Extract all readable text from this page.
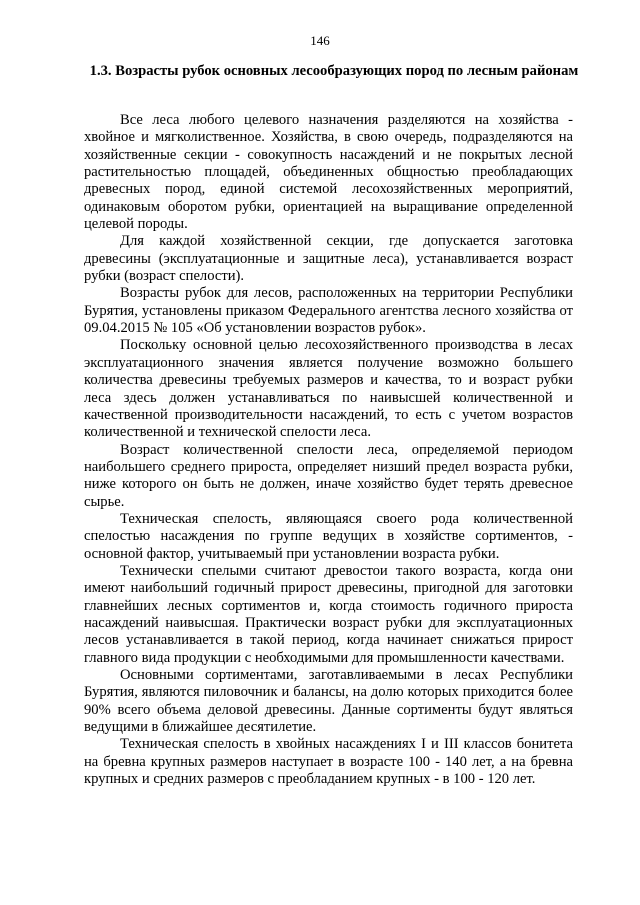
146
1.3. Возрасты рубок основных лесообразующих пород по лесным районам

Все леса любого целевого назначения разделяются на хозяйства - хвойное и мягколиственное. Хозяйства, в свою очередь, подразделяются на хозяйственные секции - совокупность насаждений и не покрытых лесной растительностью площадей, объединенных общностью преобладающих древесных пород, единой системой лесохозяйственных мероприятий, одинаковым оборотом рубки, ориентацией на выращивание определенной целевой породы.

Для каждой хозяйственной секции, где допускается заготовка древесины (эксплуатационные и защитные леса), устанавливается возраст рубки (возраст спелости).

Возрасты рубок для лесов, расположенных на территории Республики Бурятия, установлены приказом Федерального агентства лесного хозяйства от 09.04.2015 № 105 «Об установлении возрастов рубок».

Поскольку основной целью лесохозяйственного производства в лесах эксплуатационного значения является получение возможно большего количества древесины требуемых размеров и качества, то и возраст рубки леса здесь должен устанавливаться по наивысшей количественной и качественной производительности насаждений, то есть с учетом возрастов количественной и технической спелости леса.

Возраст количественной спелости леса, определяемой периодом наибольшего среднего прироста, определяет низший предел возраста рубки, ниже которого он быть не должен, иначе хозяйство будет терять древесное сырье.

Техническая спелость, являющаяся своего рода количественной спелостью насаждения по группе ведущих в хозяйстве сортиментов, - основной фактор, учитываемый при установлении возраста рубки.

Технически спелыми считают древостои такого возраста, когда они имеют наибольший годичный прирост древесины, пригодной для заготовки главнейших лесных сортиментов и, когда стоимость годичного прироста насаждений наивысшая. Практически возраст рубки для эксплуатационных лесов устанавливается в такой период, когда начинает снижаться прирост главного вида продукции с необходимыми для промышленности качествами.

Основными сортиментами, заготавливаемыми в лесах Республики Бурятия, являются пиловочник и балансы, на долю которых приходится более 90% всего объема деловой древесины. Данные сортименты будут являться ведущими в ближайшее десятилетие.

Техническая спелость в хвойных насаждениях I и III классов бонитета на бревна крупных размеров наступает в возрасте 100 - 140 лет, а на бревна крупных и средних размеров с преобладанием крупных - в 100 - 120 лет.
